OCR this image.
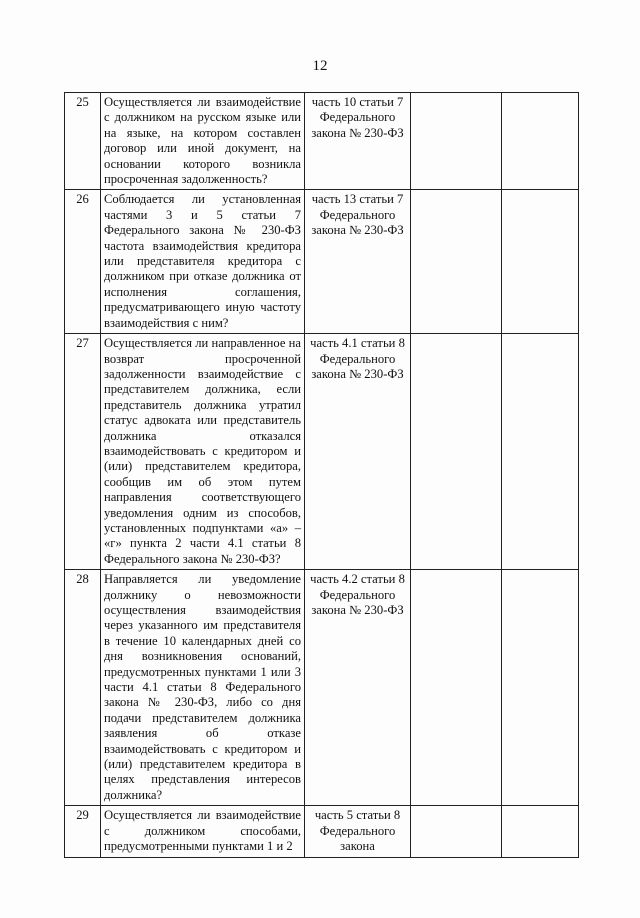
12
25	Осуществляется ли взаимодействие с должником на русском языке или на языке, на котором составлен договор или иной документ, на основании которого возникла просроченная задолженность?	часть 10 статьи 7 Федерального закона № 230-ФЗ		
26	Соблюдается ли установленная частями 3 и 5 статьи 7 Федерального закона № 230-ФЗ частота взаимодействия кредитора или представителя кредитора с должником при отказе должника от исполнения соглашения, предусматривающего иную частоту взаимодействия с ним?	часть 13 статьи 7 Федерального закона № 230-ФЗ		
27	Осуществляется ли направленное на возврат просроченной задолженности взаимодействие с представителем должника, если представитель должника утратил статус адвоката или представитель должника отказался взаимодействовать с кредитором и (или) представителем кредитора, сообщив им об этом путем направления соответствующего уведомления одним из способов, установленных подпунктами «а» – «г» пункта 2 части 4.1 статьи 8 Федерального закона № 230-ФЗ?	часть 4.1 статьи 8 Федерального закона № 230-ФЗ		
28	Направляется ли уведомление должнику о невозможности осуществления взаимодействия через указанного им представителя в течение 10 календарных дней со дня возникновения оснований, предусмотренных пунктами 1 или 3 части 4.1 статьи 8 Федерального закона № 230-ФЗ, либо со дня подачи представителем должника заявления об отказе взаимодействовать с кредитором и (или) представителем кредитора в целях представления интересов должника?	часть 4.2 статьи 8 Федерального закона № 230-ФЗ		
29	Осуществляется ли взаимодействие с должником способами, предусмотренными пунктами 1 и 2	часть 5 статьи 8 Федерального закона		
